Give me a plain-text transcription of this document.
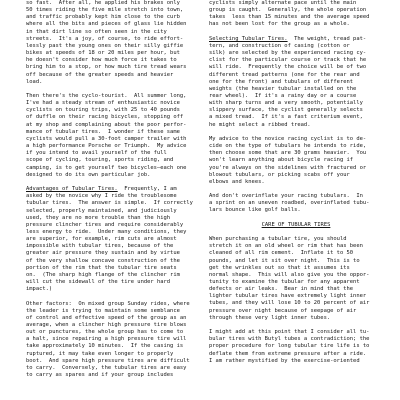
so fast.  After all, he applied his brakes only
50 times riding the five mile stretch into town,
and traffic probably kept him close to the curb
where all the bits and pieces of glass lie hidden
in that dirt line so often seen in the city
streets.  It's a joy, of course, to ride effort-
lessly past the young ones on their silly giffie
bikes at speeds of 18 or 20 miles per hour, but
he doesn't consider how much force it takes to
bring him to a stop, or how much tire tread wears
off because of the greater speeds and heavier
load.
Then there's the cyclo-tourist.  All summer long,
I've had a steady stream of enthusiastic novice
cyclists on touring trips, with 25 to 40 pounds
of duffle on their racing bicycles, stopping off
at my shop and complaining about the poor perfor-
mance of tubular tires.  I wonder if these same
cyclists would pull a 30-foot camper trailer with
a high performance Porsche or Triumph.  My advice
if you intend to avail yourself of the full
scope of cycling, touring, sports riding, and
camping, is to get yourself two bicycles—each one
designed to do its own particular job.
Advantages of Tubular Tires.  Frequently, I am
asked by the novice why I ride the troublesome
tubular tires.  The answer is simple.  If correctly
selected, properly maintained, and judiciously
used, they are no more trouble than the high
pressure clincher tires and require considerably
less energy to ride.  Under many conditions, they
are superior, for example, rim cuts are almost
impossible with tubular tires, because of the
greater air pressure they sustain and by virtue
of the very shallow concave construction of the
portion of the rim that the tubular tire seats
on.  (The sharp high flange of the clincher rim
will cut the sidewall of the tire under hard
impact.)
Other factors:  On mixed group Sunday rides, where
the leader is trying to maintain some semblance
of control and effective speed of the group as an
average, when a clincher high pressure tire blows
out or punctures, the whole group has to come to
a halt, since repairing a high pressure tire will
take approximately 10 minutes.  If the casing is
ruptured, it may take even longer to properly
boot.  And spare high pressure tires are difficult
to carry.  Conversely, the tubular tires are easy
to carry as spares and if your group includes
cyclists simply alternate pace until the main
group is caught.  Generally, the whole operation
takes  less than 15 minutes and the average speed
has not been lost for the group as a whole.
Selecting Tubular Tires.  The weight, tread pat-
tern, and construction of casing (cotton or
silk) are selected by the experienced racing cy-
clist for the particular course or track that he
will ride.  Frequently the choice will be of two
different tread patterns (one for the rear and
one for the front) and tubulars of different
weights (the heavier tubular installed on the
rear wheel).  If it's a rainy day or a course
with sharp turns and a very smooth, potentially
slippery surface, the cyclist generally selects
a mixed tread.  If it's a fast criterium event,
he might select a ribbed tread.
My advice to the novice racing cyclist is to de-
cide on the type of tubulars he intends to ride,
then choose some that are 30 grams heavier.  You
won't learn anything about bicycle racing if
you're always on the sidelines with fractured or
blowout tubulars, or picking scabs off your
elbows and knees.
And don't overinflate your racing tubulars.  In
a sprint on an uneven roadbed, overinflated tubu-
lars bounce like golf balls.
CARE OF TUBULAR TIRES
When purchasing a tubular tire, you should
stretch it on an old wheel or rim that has been
cleaned of all rim cement.  Inflate it to 50
pounds, and let it sit over night.  This is to
get the wrinkles out so that it assumes its
normal shape.  This will also give you the oppor-
tunity to examine the tubular for any apparent
defects or air leaks.  Bear in mind that the
lighter tubular tires have extremely light inner
tubes, and they will lose 10 to 20 percent of air
pressure over night because of seepage of air
through these very light inner tubes.
I might add at this point that I consider all tu-
bular tires with Butyl tubes a contradiction; the
proper procedure for long tubular tire life is to
deflate them from extreme pressure after a ride.
I am rather mystified by the exercise-oriented
